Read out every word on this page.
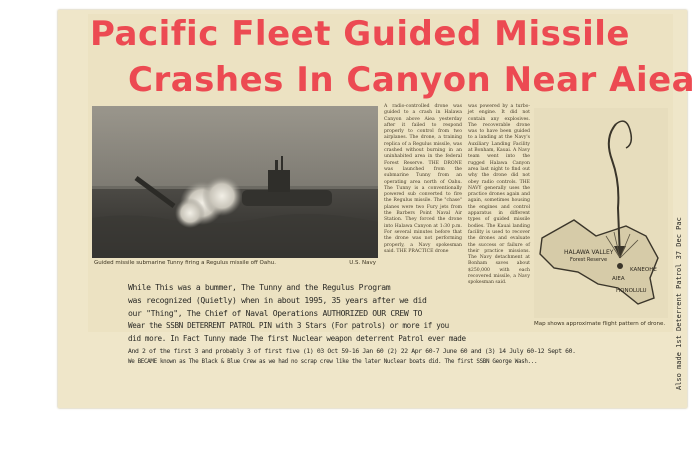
Pacific Fleet Guided Missile
Crashes In Canyon Near Aiea
Guided missile submarine Tunny firing a Regulus missile off Oahu.	U.S. Navy
A radio-controlled drone was guided to a crash in Halawa Canyon above Aiea yesterday after it failed to respond properly to control from two airplanes. The drone, a training replica of a Regulus missile, was crashed without burning in an uninhabited area in the federal Forest Reserve. THE DRONE was launched from the submarine Tunny from an operating area north of Oahu. The Tunny is a conventionally powered sub converted to fire the Regulus missile. The "chase" planes were two Fury jets from the Barbers Point Naval Air Station. They forced the drone into Halawa Canyon at 1:30 p.m. For several minutes before that the drone was not performing properly, a Navy spokesman said. THE PRACTICE drone
was powered by a turbo-jet engine. It did not contain any explosives. The recoverable drone was to have been guided to a landing at the Navy's Auxiliary Landing Facility at Bonham, Kauai. A Navy team went into the rugged Halawa Canyon area last night to find out why the drone did not obey radio controls. THE NAVY generally uses the practice drones again and again, sometimes housing the engines and control apparatus in different types of guided missile bodies. The Kauai landing facility is used to recover the drones and evaluate the success or failure of their practice missions. The Navy detachment at Bonham saves about $250,000 with each recovered missile, a Navy spokesman said.
HALAWA VALLEY
Forest Reserve
KANEOHE
AIEA
HONOLULU
Map shows approximate flight pattern of drone.
While This was a bummer, The Tunny and the Regulus Program
was recognized (Quietly) when in about 1995, 35 years after we did
our "Thing", The Chief of Naval Operations AUTHORIZED OUR CREW TO
Wear the SSBN DETERRENT PATROL PIN with 3 Stars (For patrols) or more if you
did more. In Fact Tunny made The first Nuclear weapon deterrent Patrol ever made
And 2 of the first 3 and probably 3 of first five (1) 03 Oct 59-16 Jan 60 (2) 22 Apr 60-7 June 60 and (3) 14 July 60-12 Sept 60.
We BECAME known as The Black & Blue Crew as we had no scrap crew like the later Nuclear boats did. The first SSBN George Wash...	Also made 1st Deterrent Patrol 37 Dec Pac
